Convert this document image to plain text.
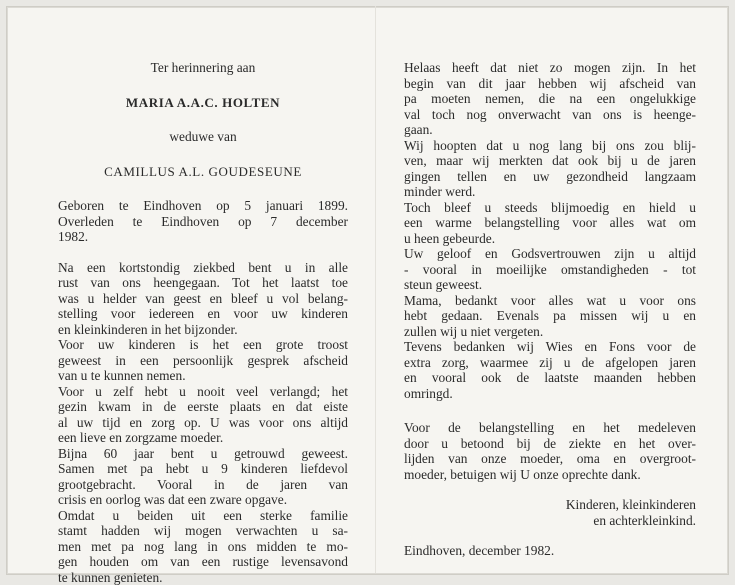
Ter herinnering aan

MARIA A.A.C. HOLTEN

weduwe van

CAMILLUS A.L. GOUDESEUNE

Geboren te Eindhoven op 5 januari 1899.

Overleden te Eindhoven op 7 december

1982.

Na een kortstondig ziekbed bent u in alle

rust van ons heengegaan. Tot het laatst toe

was u helder van geest en bleef u vol belang-

stelling voor iedereen en voor uw kinderen

en kleinkinderen in het bijzonder.

Voor uw kinderen is het een grote troost

geweest in een persoonlijk gesprek afscheid

van u te kunnen nemen.

Voor u zelf hebt u nooit veel verlangd; het

gezin kwam in de eerste plaats en dat eiste

al uw tijd en zorg op. U was voor ons altijd

een lieve en zorgzame moeder.

Bijna 60 jaar bent u getrouwd geweest.

Samen met pa hebt u 9 kinderen liefdevol

grootgebracht. Vooral in de jaren van

crisis en oorlog was dat een zware opgave.

Omdat u beiden uit een sterke familie

stamt hadden wij mogen verwachten u sa-

men met pa nog lang in ons midden te mo-

gen houden om van een rustige levensavond

te kunnen genieten.

Helaas heeft dat niet zo mogen zijn. In het

begin van dit jaar hebben wij afscheid van

pa moeten nemen, die na een ongelukkige

val toch nog onverwacht van ons is heenge-

gaan.

Wij hoopten dat u nog lang bij ons zou blij-

ven, maar wij merkten dat ook bij u de jaren

gingen tellen en uw gezondheid langzaam

minder werd.

Toch bleef u steeds blijmoedig en hield u

een warme belangstelling voor alles wat om

u heen gebeurde.

Uw geloof en Godsvertrouwen zijn u altijd

- vooral in moeilijke omstandigheden - tot

steun geweest.

Mama, bedankt voor alles wat u voor ons

hebt gedaan. Evenals pa missen wij u en

zullen wij u niet vergeten.

Tevens bedanken wij Wies en Fons voor de

extra zorg, waarmee zij u de afgelopen jaren

en vooral ook de laatste maanden hebben

omringd.

Voor de belangstelling en het medeleven

door u betoond bij de ziekte en het over-

lijden van onze moeder, oma en overgroot-

moeder, betuigen wij U onze oprechte dank.

Kinderen, kleinkinderen

en achterkleinkind.

Eindhoven, december 1982.
